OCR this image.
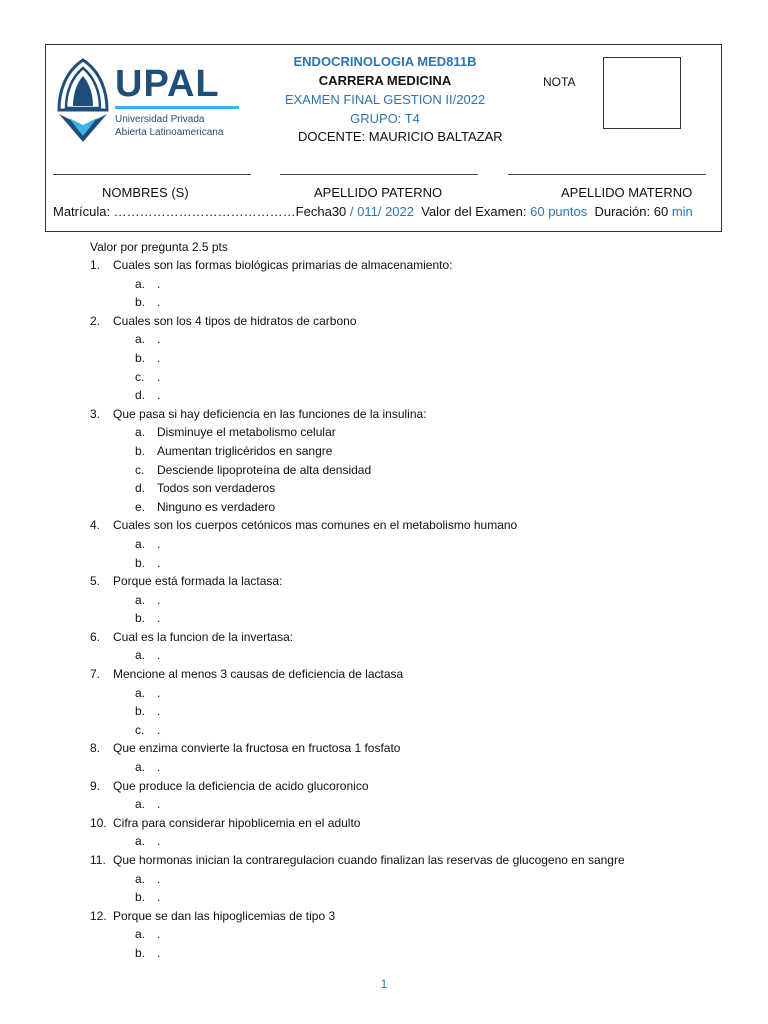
UPAL
Universidad Privada
Abierta Latinoamericana
ENDOCRINOLOGIA MED811B
CARRERA MEDICINA
EXAMEN FINAL GESTION II/2022
GRUPO: T4
DOCENTE: MAURICIO BALTAZAR
NOTA
NOMBRES (S)	APELLIDO PATERNO	APELLIDO MATERNO
Matrícula: ……………………………………Fecha30 / 011/ 2022 Valor del Examen: 60 puntos Duración: 60 min

Valor por pregunta 2.5 pts

1. Cuales son las formas biológicas primarias de almacenamiento:
a. .
b. .
2. Cuales son los 4 tipos de hidratos de carbono
a. .
b. .
c. .
d. .
3. Que pasa si hay deficiencia en las funciones de la insulina:
a. Disminuye el metabolismo celular
b. Aumentan triglicéridos en sangre
c. Desciende lipoproteína de alta densidad
d. Todos son verdaderos
e. Ninguno es verdadero
4. Cuales son los cuerpos cetónicos mas comunes en el metabolismo humano
a. .
b. .
5. Porque está formada la lactasa:
a. .
b. .
6. Cual es la funcion de la invertasa:
a. .
7. Mencione al menos 3 causas de deficiencia de lactasa
a. .
b. .
c. .
8. Que enzima convierte la fructosa en fructosa 1 fosfato
a. .
9. Que produce la deficiencia de acido glucoronico
a. .
10. Cifra para considerar hipoblicemia en el adulto
a. .
11. Que hormonas inician la contraregulacion cuando finalizan las reservas de glucogeno en sangre
a. .
b. .
12. Porque se dan las hipoglicemias de tipo 3
a. .
b. .
1
